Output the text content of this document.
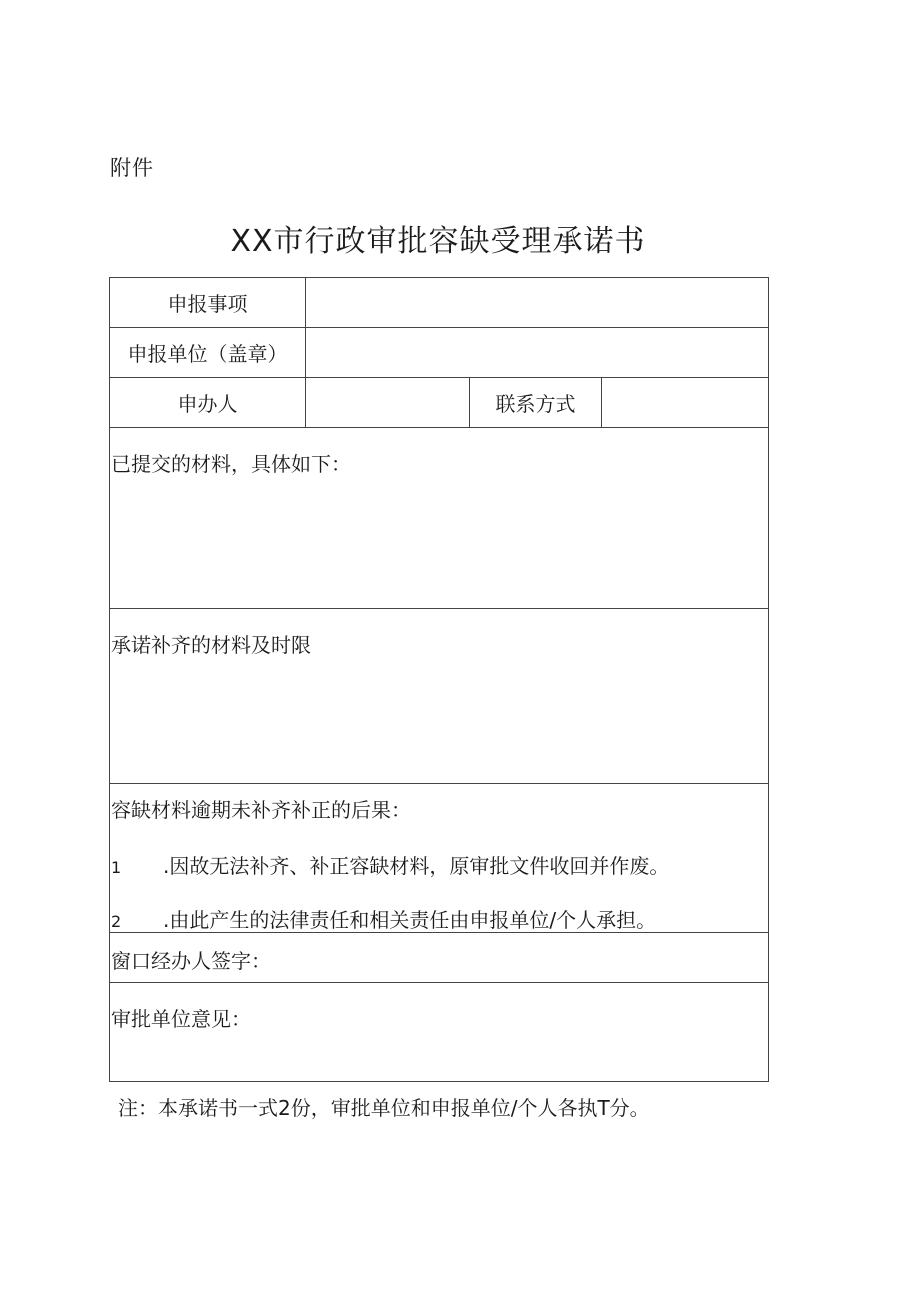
附件
XX市行政审批容缺受理承诺书
申报事项
申报单位（盖章）
申办人	联系方式
已提交的材料，具体如下：
承诺补齐的材料及时限
容缺材料逾期未补齐补正的后果：
1 .因故无法补齐、补正容缺材料，原审批文件收回并作废。
2 .由此产生的法律责任和相关责任由申报单位/个人承担。
窗口经办人签字：
审批单位意见：
注：本承诺书一式2份，审批单位和申报单位/个人各执T分。
